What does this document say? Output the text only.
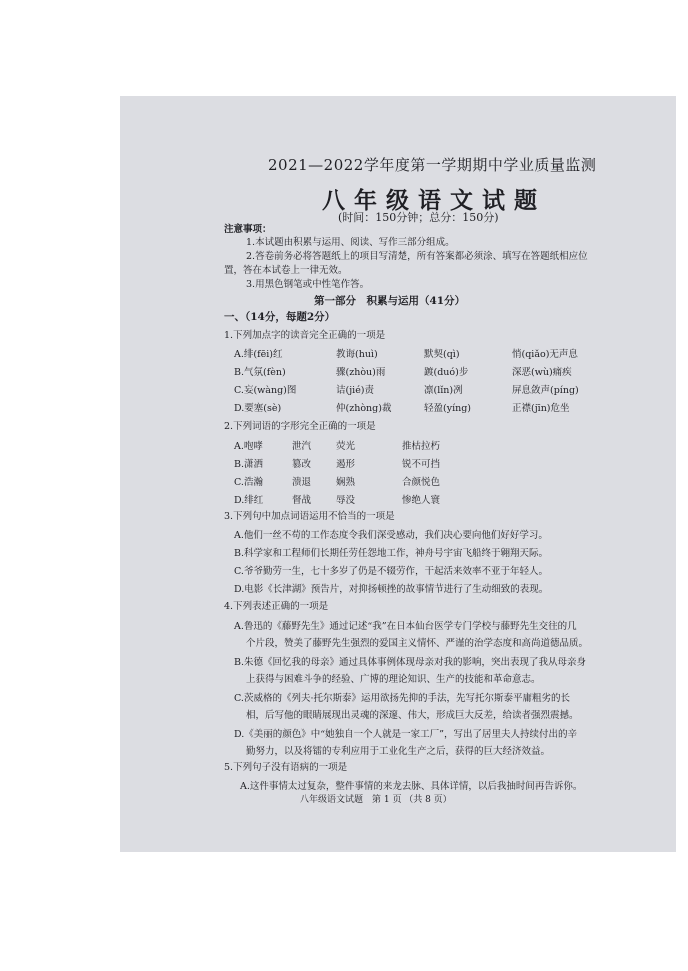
2021—2022学年度第一学期期中学业质量监测
八年级语文试题
(时间：150分钟；总分：150分)
注意事项：
1.本试题由积累与运用、阅读、写作三部分组成。
2.答卷前务必将答题纸上的项目写清楚，所有答案都必须涂、填写在答题纸相应位
置，答在本试卷上一律无效。
3.用黑色钢笔或中性笔作答。
第一部分　积累与运用（41分）
一、（14分，每题2分）
1.下列加点字的读音完全正确的一项是
A.绯(fēi)红	教诲(huì)	默契(qì)	悄(qiǎo)无声息
B.气氛(fèn)	骤(zhòu)雨	踱(duó)步	深恶(wù)痛疾
C.妄(wàng)图	诘(jié)责	凛(lǐn)冽	屏息敛声(píng)
D.要塞(sè)	仲(zhòng)裁	轻盈(yíng)	正襟(jīn)危坐
2.下列词语的字形完全正确的一项是
A.咆哮	泄汽	荧光	推枯拉朽
B.潇洒	篡改	遏形	锐不可挡
C.浩瀚	溃退	娴熟	合颜悦色
D.绯红	督战	辱没	惨绝人寰
3.下列句中加点词语运用不恰当的一项是
A.他们一丝不苟的工作态度令我们深受感动，我们决心要向他们好好学习。
B.科学家和工程师们长期任劳任怨地工作，神舟号宇宙飞船终于翱翔天际。
C.爷爷勤劳一生，七十多岁了仍是不辍劳作，干起活来效率不亚于年轻人。
D.电影《长津湖》预告片，对抑扬顿挫的故事情节进行了生动细致的表现。
4.下列表述正确的一项是
A.鲁迅的《藤野先生》通过记述“我”在日本仙台医学专门学校与藤野先生交往的几
个片段，赞美了藤野先生强烈的爱国主义情怀、严谨的治学态度和高尚道德品质。
B.朱德《回忆我的母亲》通过具体事例体现母亲对我的影响，突出表现了我从母亲身
上获得与困难斗争的经验、广博的理论知识、生产的技能和革命意志。
C.茨威格的《列夫·托尔斯泰》运用欲扬先抑的手法，先写托尔斯泰平庸粗劣的长
相，后写他的眼睛展现出灵魂的深邃、伟大，形成巨大反差，给读者强烈震撼。
D.《美丽的颜色》中“她独自一个人就是一家工厂”，写出了居里夫人持续付出的辛
勤努力，以及将镭的专利应用于工业化生产之后，获得的巨大经济效益。
5.下列句子没有语病的一项是
A.这件事情太过复杂，整件事情的来龙去脉、具体详情，以后我抽时间再告诉你。
八年级语文试题　第 1 页 （共 8 页）
